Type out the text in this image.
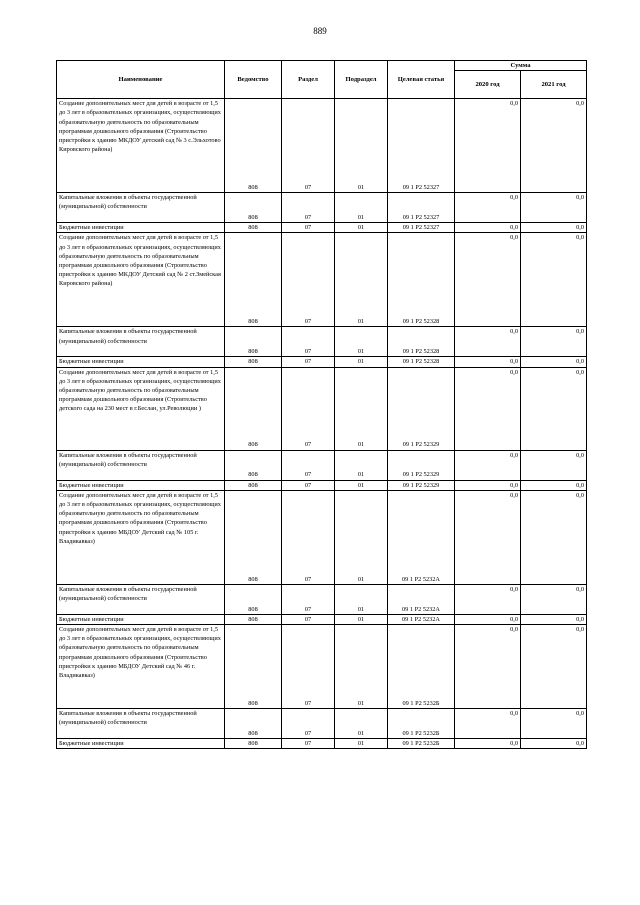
889
Наименование	Ведомство	Раздел	Подраздел	Целевая статья	Сумма	
					2020 год	2021 год
Создание дополнительных мест для детей в возрасте от 1,5 до 3 лет в образовательных организациях, осуществляющих образовательную деятельность по образовательным программам дошкольного образования (Строительство пристройки к зданию МКДОУ детский сад № 3 с.Эльхотово Кировского района)	808	07	01	09 1 Р2 52327	0,0	0,0
Капитальные вложения в объекты государственной (муниципальной) собственности	808	07	01	09 1 Р2 52327	0,0	0,0
Бюджетные инвестиции	808	07	01	09 1 Р2 52327	0,0	0,0
Создание дополнительных мест для детей в возрасте от 1,5 до 3 лет в образовательных организациях, осуществляющих образовательную деятельность по образовательным программам дошкольного образования (Строительство пристройки к зданию МКДОУ Детский сад № 2 ст.Змейская Кировского района)	808	07	01	09 1 Р2 52328	0,0	0,0
Капитальные вложения в объекты государственной (муниципальной) собственности	808	07	01	09 1 Р2 52328	0,0	0,0
Бюджетные инвестиции	808	07	01	09 1 Р2 52328	0,0	0,0
Создание дополнительных мест для детей в возрасте от 1,5 до 3 лет в образовательных организациях, осуществляющих образовательную деятельность по образовательным программам дошкольного образования (Строительство детского сада на 230 мест в г.Беслан, ул.Революции )	808	07	01	09 1 Р2 52329	0,0	0,0
Капитальные вложения в объекты государственной (муниципальной) собственности	808	07	01	09 1 Р2 52329	0,0	0,0
Бюджетные инвестиции	808	07	01	09 1 Р2 52329	0,0	0,0
Создание дополнительных мест для детей в возрасте от 1,5 до 3 лет в образовательных организациях, осуществляющих образовательную деятельность по образовательным программам дошкольного образования (Строительство пристройки к зданию МБДОУ Детский сад № 105 г. Владикавказ)	808	07	01	09 1 Р2 5232А	0,0	0,0
Капитальные вложения в объекты государственной (муниципальной) собственности	808	07	01	09 1 Р2 5232А	0,0	0,0
Бюджетные инвестиции	808	07	01	09 1 Р2 5232А	0,0	0,0
Создание дополнительных мест для детей в возрасте от 1,5 до 3 лет в образовательных организациях, осуществляющих образовательную деятельность по образовательным программам дошкольного образования (Строительство пристройки к зданию МБДОУ Детский сад № 46 г. Владикавказ)	808	07	01	09 1 Р2 5232Б	0,0	0,0
Капитальные вложения в объекты государственной (муниципальной) собственности	808	07	01	09 1 Р2 5232Б	0,0	0,0
Бюджетные инвестиции	808	07	01	09 1 Р2 5232Б	0,0	0,0
